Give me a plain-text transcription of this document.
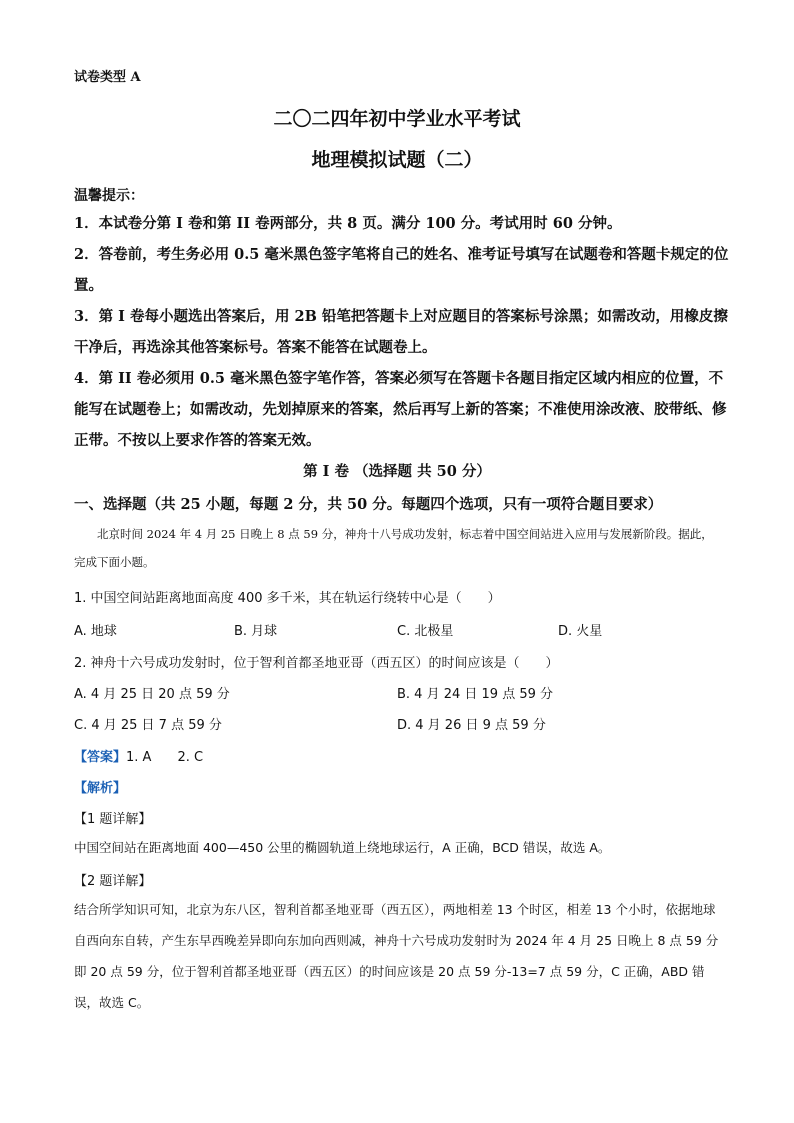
试卷类型 A
二〇二四年初中学业水平考试
地理模拟试题（二）
温馨提示：
1．本试卷分第 I 卷和第 II 卷两部分，共 8 页。满分 100 分。考试用时 60 分钟。
2．答卷前，考生务必用 0.5 毫米黑色签字笔将自己的姓名、准考证号填写在试题卷和答题卡规定的位置。
3．第 I 卷每小题选出答案后，用 2B 铅笔把答题卡上对应题目的答案标号涂黑；如需改动，用橡皮擦干净后，再选涂其他答案标号。答案不能答在试题卷上。
4．第 II 卷必须用 0.5 毫米黑色签字笔作答，答案必须写在答题卡各题目指定区域内相应的位置，不能写在试题卷上；如需改动，先划掉原来的答案，然后再写上新的答案；不准使用涂改液、胶带纸、修正带。不按以上要求作答的答案无效。
第 I 卷 （选择题 共 50 分）
一、选择题（共 25 小题，每题 2 分，共 50 分。每题四个选项，只有一项符合题目要求）
北京时间 2024 年 4 月 25 日晚上 8 点 59 分，神舟十八号成功发射，标志着中国空间站进入应用与发展新阶段。据此，完成下面小题。
1. 中国空间站距离地面高度 400 多千米，其在轨运行绕转中心是（　　）
A. 地球	B. 月球	C. 北极星	D. 火星
2. 神舟十六号成功发射时，位于智利首都圣地亚哥（西五区）的时间应该是（　　）
A. 4 月 25 日 20 点 59 分	B. 4 月 24 日 19 点 59 分
C. 4 月 25 日 7 点 59 分	D. 4 月 26 日 9 点 59 分
【答案】1. A　　2. C
【解析】
【1 题详解】
中国空间站在距离地面 400—450 公里的椭圆轨道上绕地球运行，A 正确，BCD 错误，故选 A。
【2 题详解】
结合所学知识可知，北京为东八区，智利首都圣地亚哥（西五区），两地相差 13 个时区，相差 13 个小时，依据地球自西向东自转，产生东早西晚差异即向东加向西则减，神舟十六号成功发射时为 2024 年 4 月 25 日晚上 8 点 59 分即 20 点 59 分，位于智利首都圣地亚哥（西五区）的时间应该是 20 点 59 分-13=7 点 59 分，C 正确，ABD 错误，故选 C。
